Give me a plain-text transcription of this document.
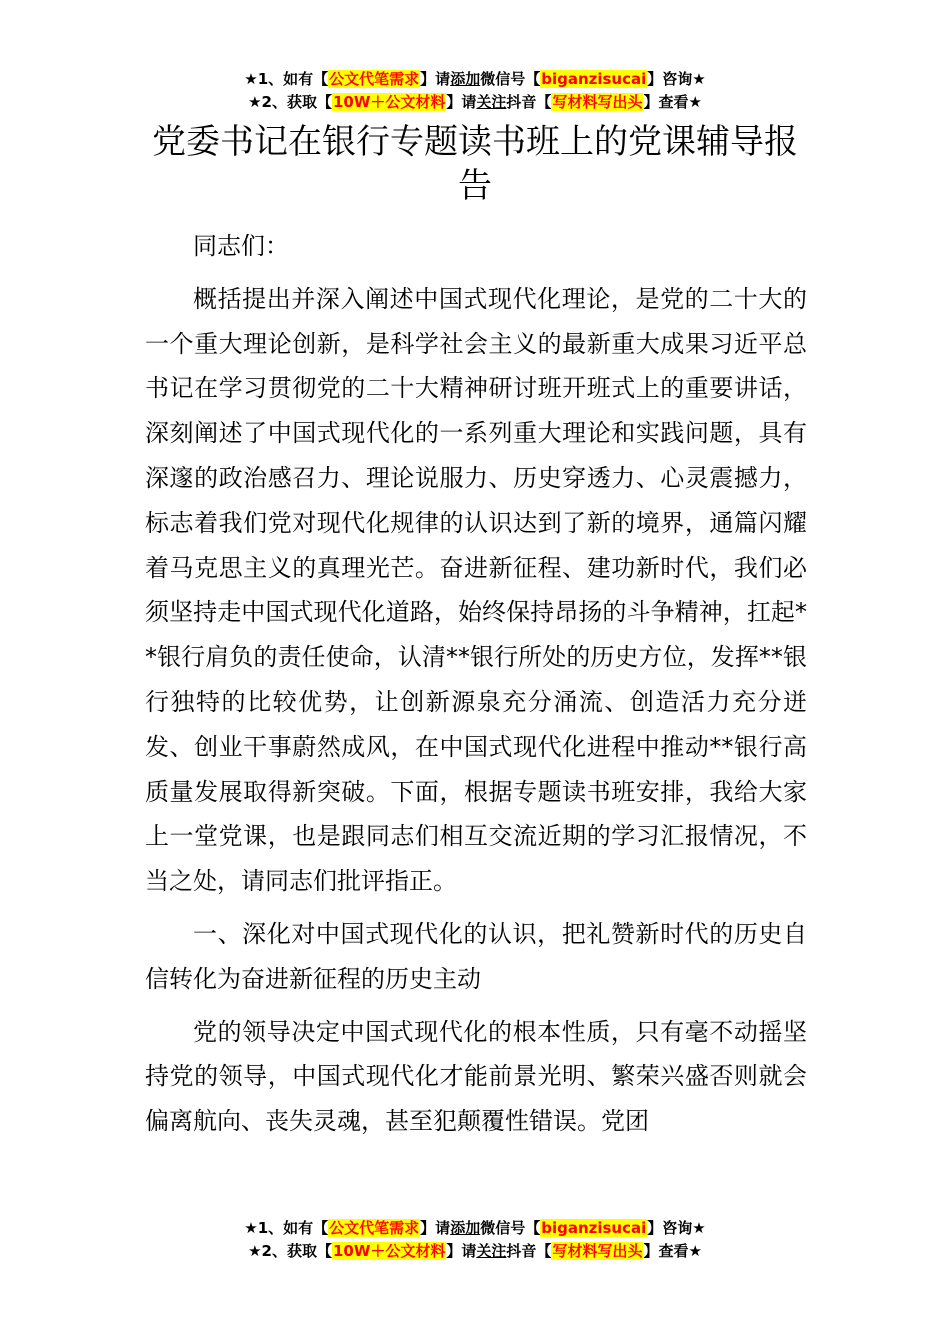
★1、如有【公文代笔需求】请添加微信号【biganzisucai】咨询★
★2、获取【10W＋公文材料】请关注抖音【写材料写出头】查看★
党委书记在银行专题读书班上的党课辅导报告

同志们：

概括提出并深入阐述中国式现代化理论，是党的二十大的一个重大理论创新，是科学社会主义的最新重大成果习近平总书记在学习贯彻党的二十大精神研讨班开班式上的重要讲话，深刻阐述了中国式现代化的一系列重大理论和实践问题，具有深邃的政治感召力、理论说服力、历史穿透力、心灵震撼力，标志着我们党对现代化规律的认识达到了新的境界，通篇闪耀着马克思主义的真理光芒。奋进新征程、建功新时代，我们必须坚持走中国式现代化道路，始终保持昂扬的斗争精神，扛起**银行肩负的责任使命，认清**银行所处的历史方位，发挥**银行独特的比较优势，让创新源泉充分涌流、创造活力充分迸发、创业干事蔚然成风，在中国式现代化进程中推动**银行高质量发展取得新突破。下面，根据专题读书班安排，我给大家上一堂党课，也是跟同志们相互交流近期的学习汇报情况，不当之处，请同志们批评指正。

一、深化对中国式现代化的认识，把礼赞新时代的历史自信转化为奋进新征程的历史主动

党的领导决定中国式现代化的根本性质，只有毫不动摇坚持党的领导，中国式现代化才能前景光明、繁荣兴盛否则就会偏离航向、丧失灵魂，甚至犯颠覆性错误。党团

★1、如有【公文代笔需求】请添加微信号【biganzisucai】咨询★
★2、获取【10W＋公文材料】请关注抖音【写材料写出头】查看★
